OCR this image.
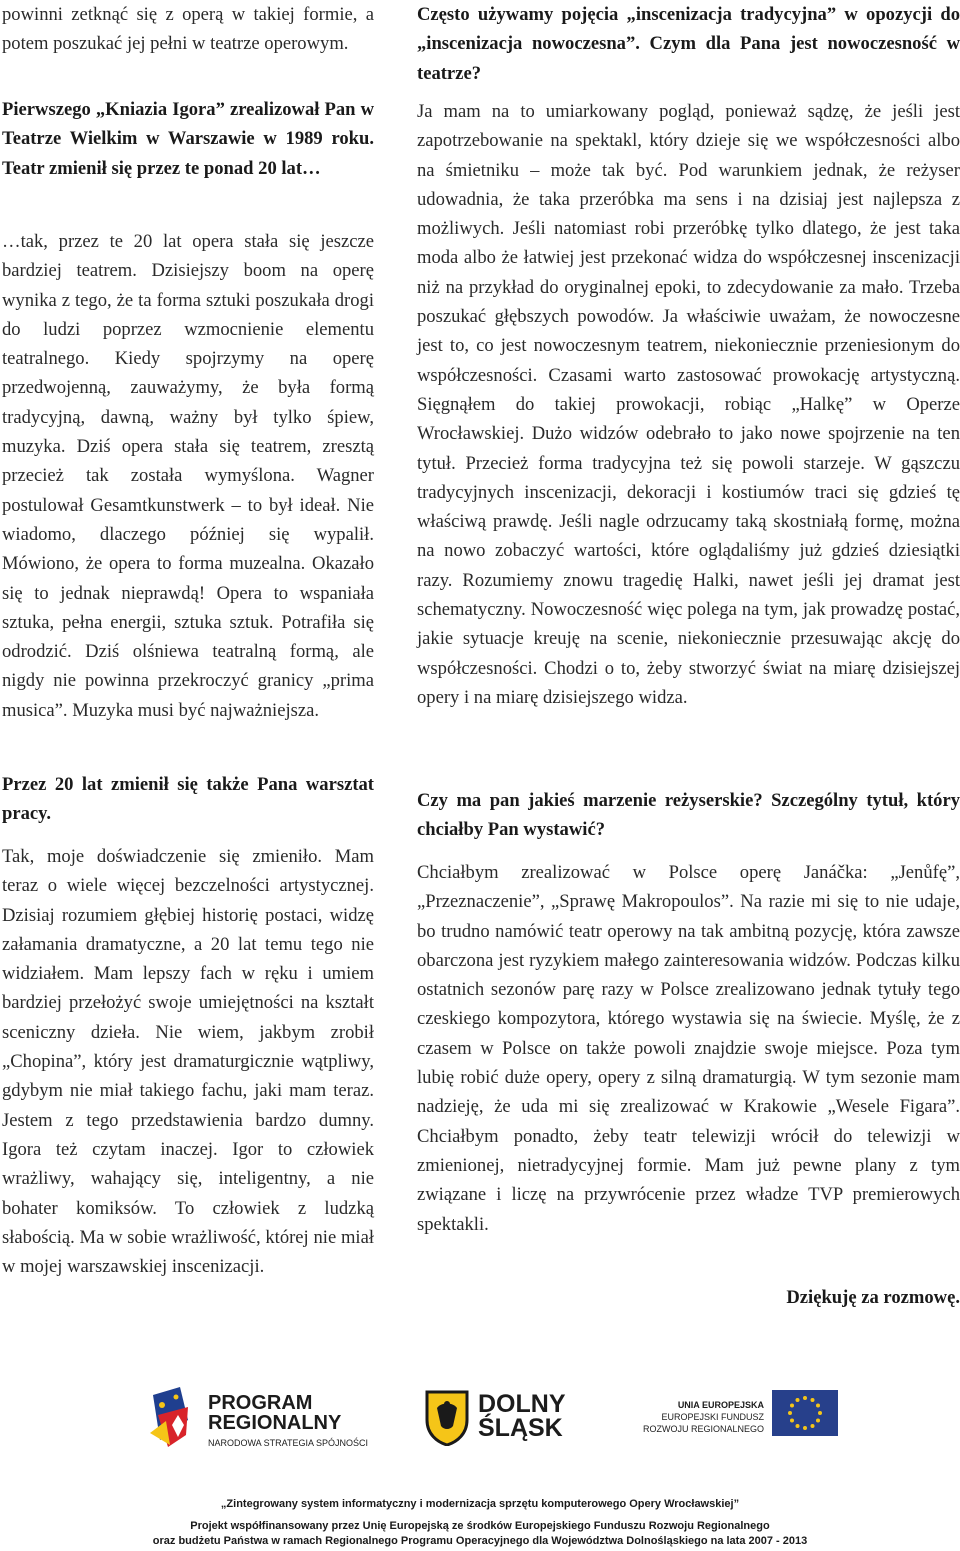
powinni zetknąć się z operą w takiej formie, a potem poszukać jej pełni w teatrze operowym.

Pierwszego „Kniazia Igora” zrealizował Pan w Teatrze Wielkim w Warszawie w 1989 roku. Teatr zmienił się przez te ponad 20 lat…

…tak, przez te 20 lat opera stała się jeszcze bardziej teatrem. Dzisiejszy boom na operę wynika z tego, że ta forma sztuki poszukała drogi do ludzi poprzez wzmocnienie elementu teatralnego. Kiedy spojrzymy na operę przedwojenną, zauważymy, że była formą tradycyjną, dawną, ważny był tylko śpiew, muzyka. Dziś opera stała się teatrem, zresztą przecież tak została wymyślona. Wagner postulował Gesamtkunstwerk – to był ideał. Nie wiadomo, dlaczego później się wypalił. Mówiono, że opera to forma muzealna. Okazało się to jednak nieprawdą! Opera to wspaniała sztuka, pełna energii, sztuka sztuk. Potrafiła się odrodzić. Dziś olśniewa teatralną formą, ale nigdy nie powinna przekroczyć granicy „prima musica”. Muzyka musi być najważniejsza.

Przez 20 lat zmienił się także Pana warsztat pracy.

Tak, moje doświadczenie się zmieniło. Mam teraz o wiele więcej bezczelności artystycznej. Dzisiaj rozumiem głębiej historię postaci, widzę załamania dramatyczne, a 20 lat temu tego nie widziałem. Mam lepszy fach w ręku i umiem bardziej przełożyć swoje umiejętności na kształt sceniczny dzieła. Nie wiem, jakbym zrobił „Chopina”, który jest dramaturgicznie wątpliwy, gdybym nie miał takiego fachu, jaki mam teraz. Jestem z tego przedstawienia bardzo dumny. Igora też czytam inaczej. Igor to człowiek wrażliwy, wahający się, inteligentny, a nie bohater komiksów. To człowiek z ludzką słabością. Ma w sobie wrażliwość, której nie miał w mojej warszawskiej inscenizacji.

Często używamy pojęcia „inscenizacja tradycyjna” w opozycji do „inscenizacja nowoczesna”. Czym dla Pana jest nowoczesność w teatrze?

Ja mam na to umiarkowany pogląd, ponieważ sądzę, że jeśli jest zapotrzebowanie na spektakl, który dzieje się we współczesności albo na śmietniku – może tak być. Pod warunkiem jednak, że reżyser udowadnia, że taka przeróbka ma sens i na dzisiaj jest najlepsza z możliwych. Jeśli natomiast robi przeróbkę tylko dlatego, że jest taka moda albo że łatwiej jest przekonać widza do współczesnej inscenizacji niż na przykład do oryginalnej epoki, to zdecydowanie za mało. Trzeba poszukać głębszych powodów. Ja właściwie uważam, że nowoczesne jest to, co jest nowoczesnym teatrem, niekoniecznie przeniesionym do współczesności. Czasami warto zastosować prowokację artystyczną. Sięgnąłem do takiej prowokacji, robiąc „Halkę” w Operze Wrocławskiej. Dużo widzów odebrało to jako nowe spojrzenie na ten tytuł. Przecież forma tradycyjna też się powoli starzeje. W gąszczu tradycyjnych inscenizacji, dekoracji i kostiumów traci się gdzieś tę właściwą prawdę. Jeśli nagle odrzucamy taką skostniałą formę, można na nowo zobaczyć wartości, które oglądaliśmy już gdzieś dziesiątki razy. Rozumiemy znowu tragedię Halki, nawet jeśli jej dramat jest schematyczny. Nowoczesność więc polega na tym, jak prowadzę postać, jakie sytuacje kreuję na scenie, niekoniecznie przesuwając akcję do współczesności. Chodzi o to, żeby stworzyć świat na miarę dzisiejszej opery i na miarę dzisiejszego widza.

Czy ma pan jakieś marzenie reżyserskie? Szczególny tytuł, który chciałby Pan wystawić?

Chciałbym zrealizować w Polsce operę Janáčka: „Jenůfę”, „Przeznaczenie”, „Sprawę Makropoulos”. Na razie mi się to nie udaje, bo trudno namówić teatr operowy na tak ambitną pozycję, która zawsze obarczona jest ryzykiem małego zainteresowania widzów. Podczas kilku ostatnich sezonów parę razy w Polsce zrealizowano jednak tytuły tego czeskiego kompozytora, którego wystawia się na świecie. Myślę, że z czasem w Polsce on także powoli znajdzie swoje miejsce. Poza tym lubię robić duże opery, opery z silną dramaturgią. W tym sezonie mam nadzieję, że uda mi się zrealizować w Krakowie „Wesele Figara”. Chciałbym ponadto, żeby teatr telewizji wrócił do telewizji w zmienionej, nietradycyjnej formie. Mam już pewne plany z tym związane i liczę na przywrócenie przez władze TVP premierowych spektakli.

Dziękuję za rozmowę.

PROGRAM
REGIONALNY
NARODOWA STRATEGIA SPÓJNOŚCI
DOLNY
ŚLĄSK
UNIA EUROPEJSKA
EUROPEJSKI FUNDUSZ
ROZWOJU REGIONALNEGO

„Zintegrowany system informatyczny i modernizacja sprzętu komputerowego Opery Wrocławskiej”

Projekt współfinansowany przez Unię Europejską ze środków Europejskiego Funduszu Rozwoju Regionalnego

oraz budżetu Państwa w ramach Regionalnego Programu Operacyjnego dla Województwa Dolnośląskiego na lata 2007 - 2013
